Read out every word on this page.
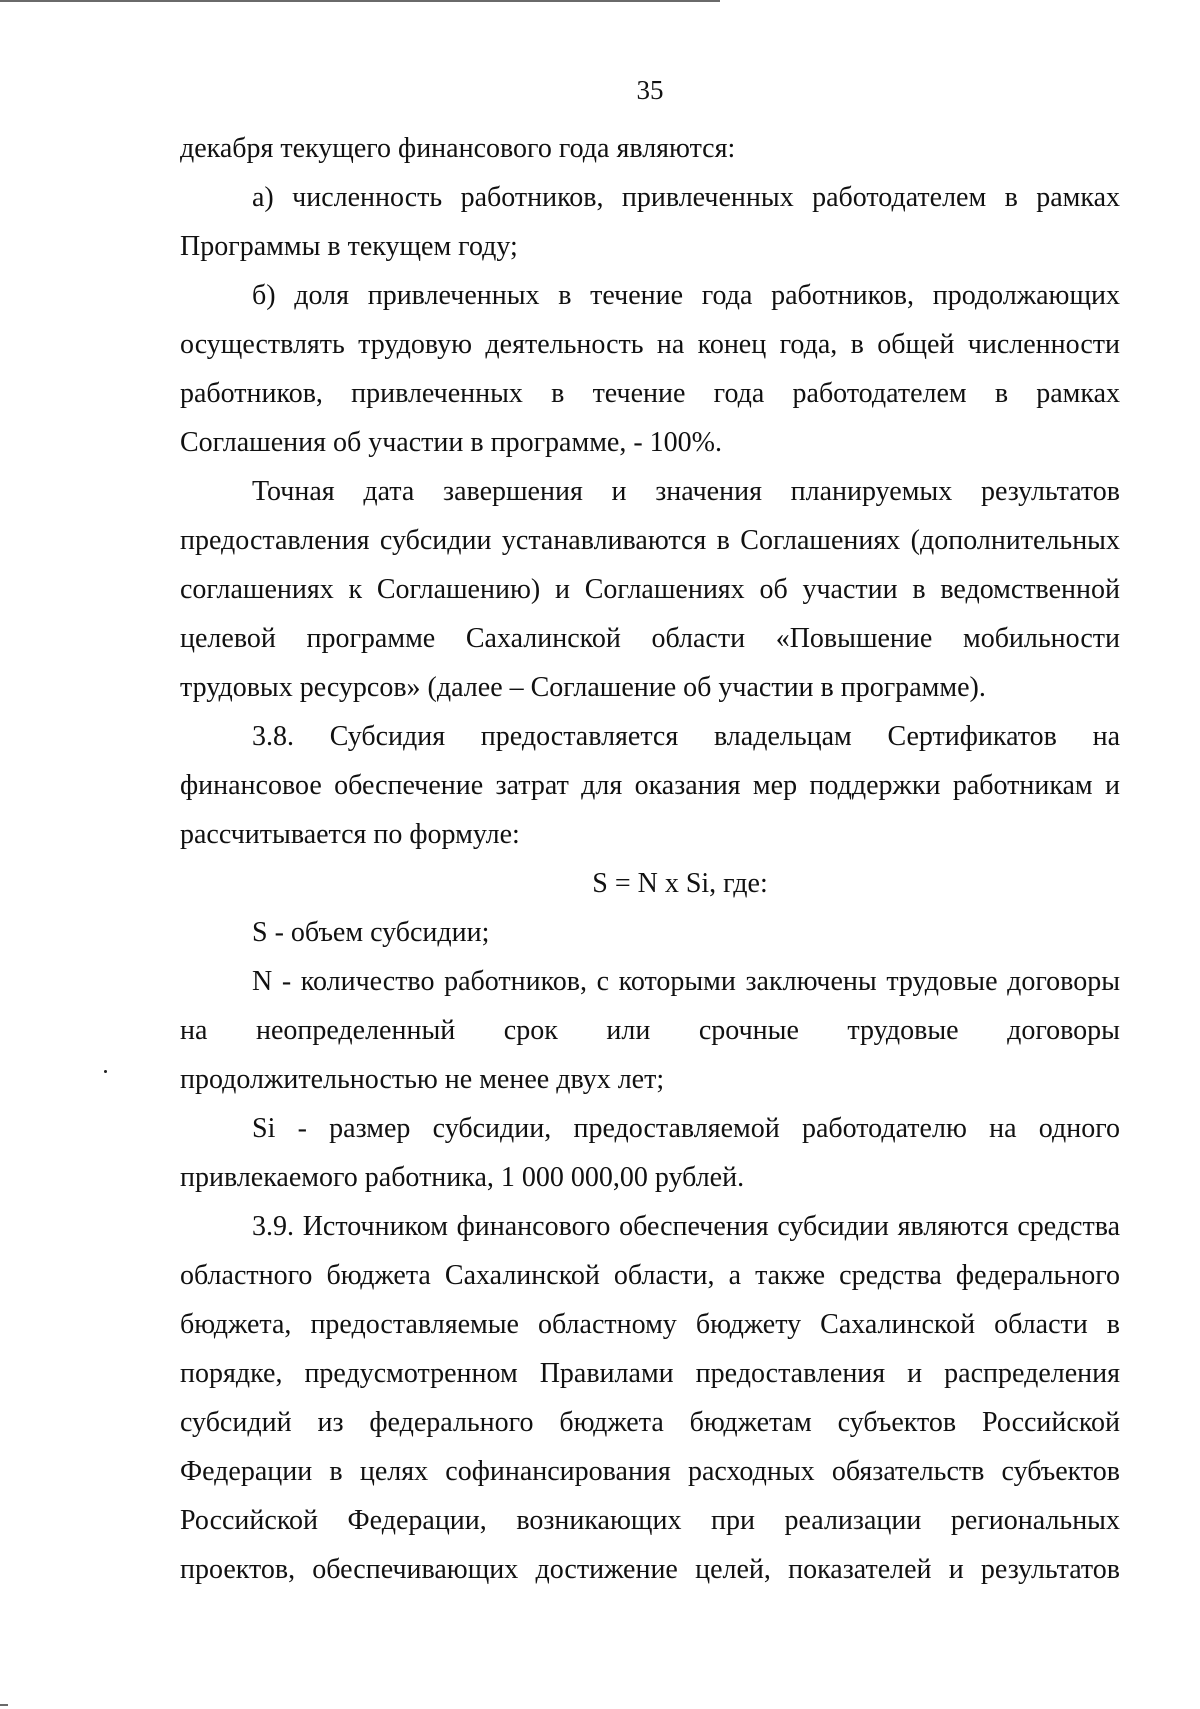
35

декабря текущего финансового года являются:

а) численность работников, привлеченных работодателем в рамках Программы в текущем году;

б) доля привлеченных в течение года работников, продолжающих осуществлять трудовую деятельность на конец года, в общей численности работников, привлеченных в течение года работодателем в рамках Соглашения об участии в программе, - 100%.

Точная дата завершения и значения планируемых результатов предоставления субсидии устанавливаются в Соглашениях (дополнительных соглашениях к Соглашению) и Соглашениях об участии в ведомственной целевой программе Сахалинской области «Повышение мобильности трудовых ресурсов» (далее – Соглашение об участии в программе).

3.8. Субсидия предоставляется владельцам Сертификатов на финансовое обеспечение затрат для оказания мер поддержки работникам и рассчитывается по формуле:

S = N x Si, где:

S - объем субсидии;

N - количество работников, с которыми заключены трудовые договоры на неопределенный срок или срочные трудовые договоры продолжительностью не менее двух лет;

Si - размер субсидии, предоставляемой работодателю на одного привлекаемого работника, 1 000 000,00 рублей.

3.9. Источником финансового обеспечения субсидии являются средства областного бюджета Сахалинской области, а также средства федерального бюджета, предоставляемые областному бюджету Сахалинской области в порядке, предусмотренном Правилами предоставления и распределения субсидий из федерального бюджета бюджетам субъектов Российской Федерации в целях софинансирования расходных обязательств субъектов Российской Федерации, возникающих при реализации региональных проектов, обеспечивающих достижение целей, показателей и результатов
